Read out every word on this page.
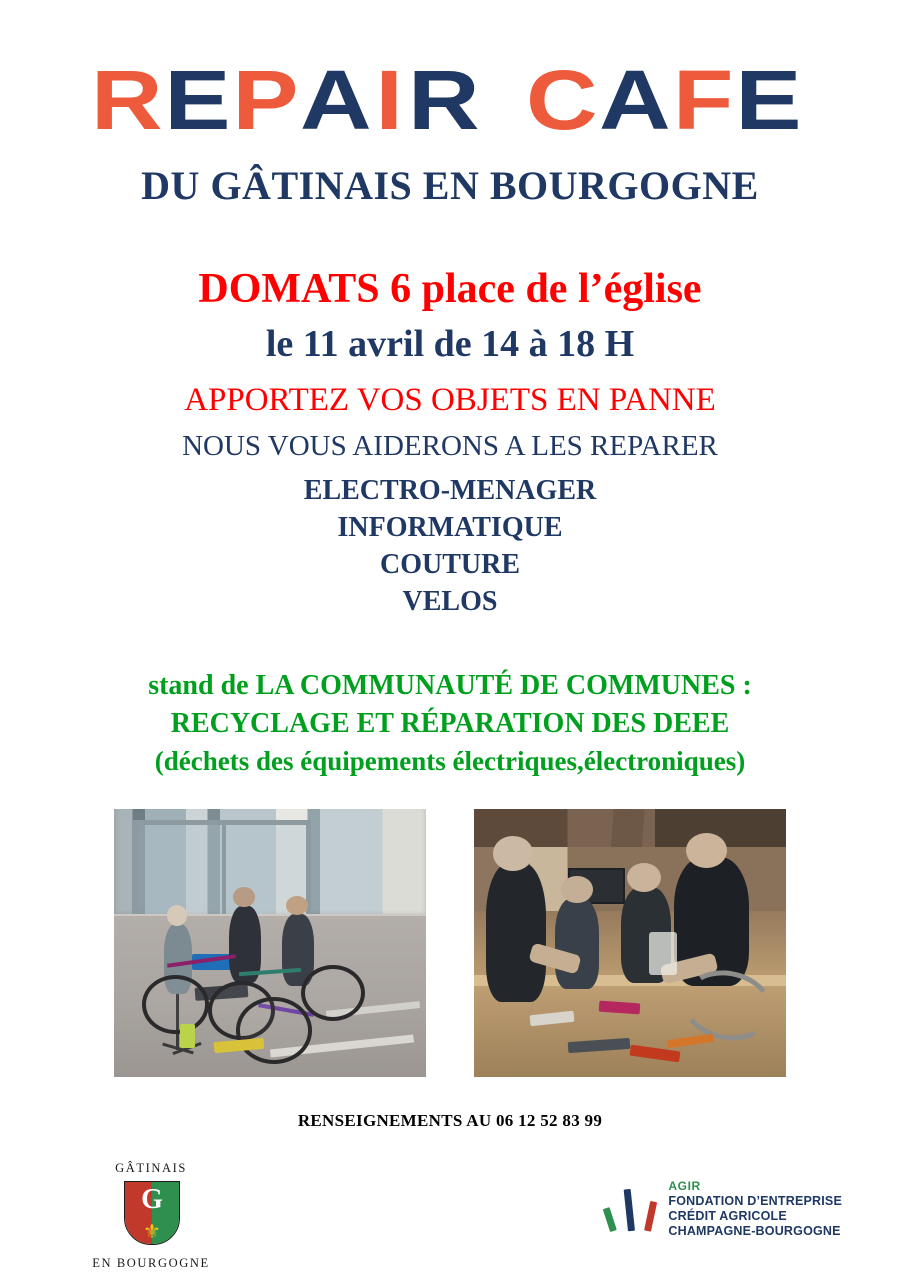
REPAIR CAFE
DU GÂTINAIS EN BOURGOGNE
DOMATS 6 place de l’église
le 11 avril de 14 à 18 H
APPORTEZ VOS OBJETS EN PANNE
NOUS VOUS AIDERONS A LES REPARER
ELECTRO-MENAGER
INFORMATIQUE
COUTURE
VELOS
stand de LA COMMUNAUTÉ DE COMMUNES :
RECYCLAGE ET RÉPARATION DES DEEE
(déchets des équipements électriques,électroniques)
RENSEIGNEMENTS AU 06 12 52 83 99
GÂTINAIS
G
⚜
EN BOURGOGNE
AGIR
FONDATION D’ENTREPRISE
CRÉDIT AGRICOLE
CHAMPAGNE-BOURGOGNE
